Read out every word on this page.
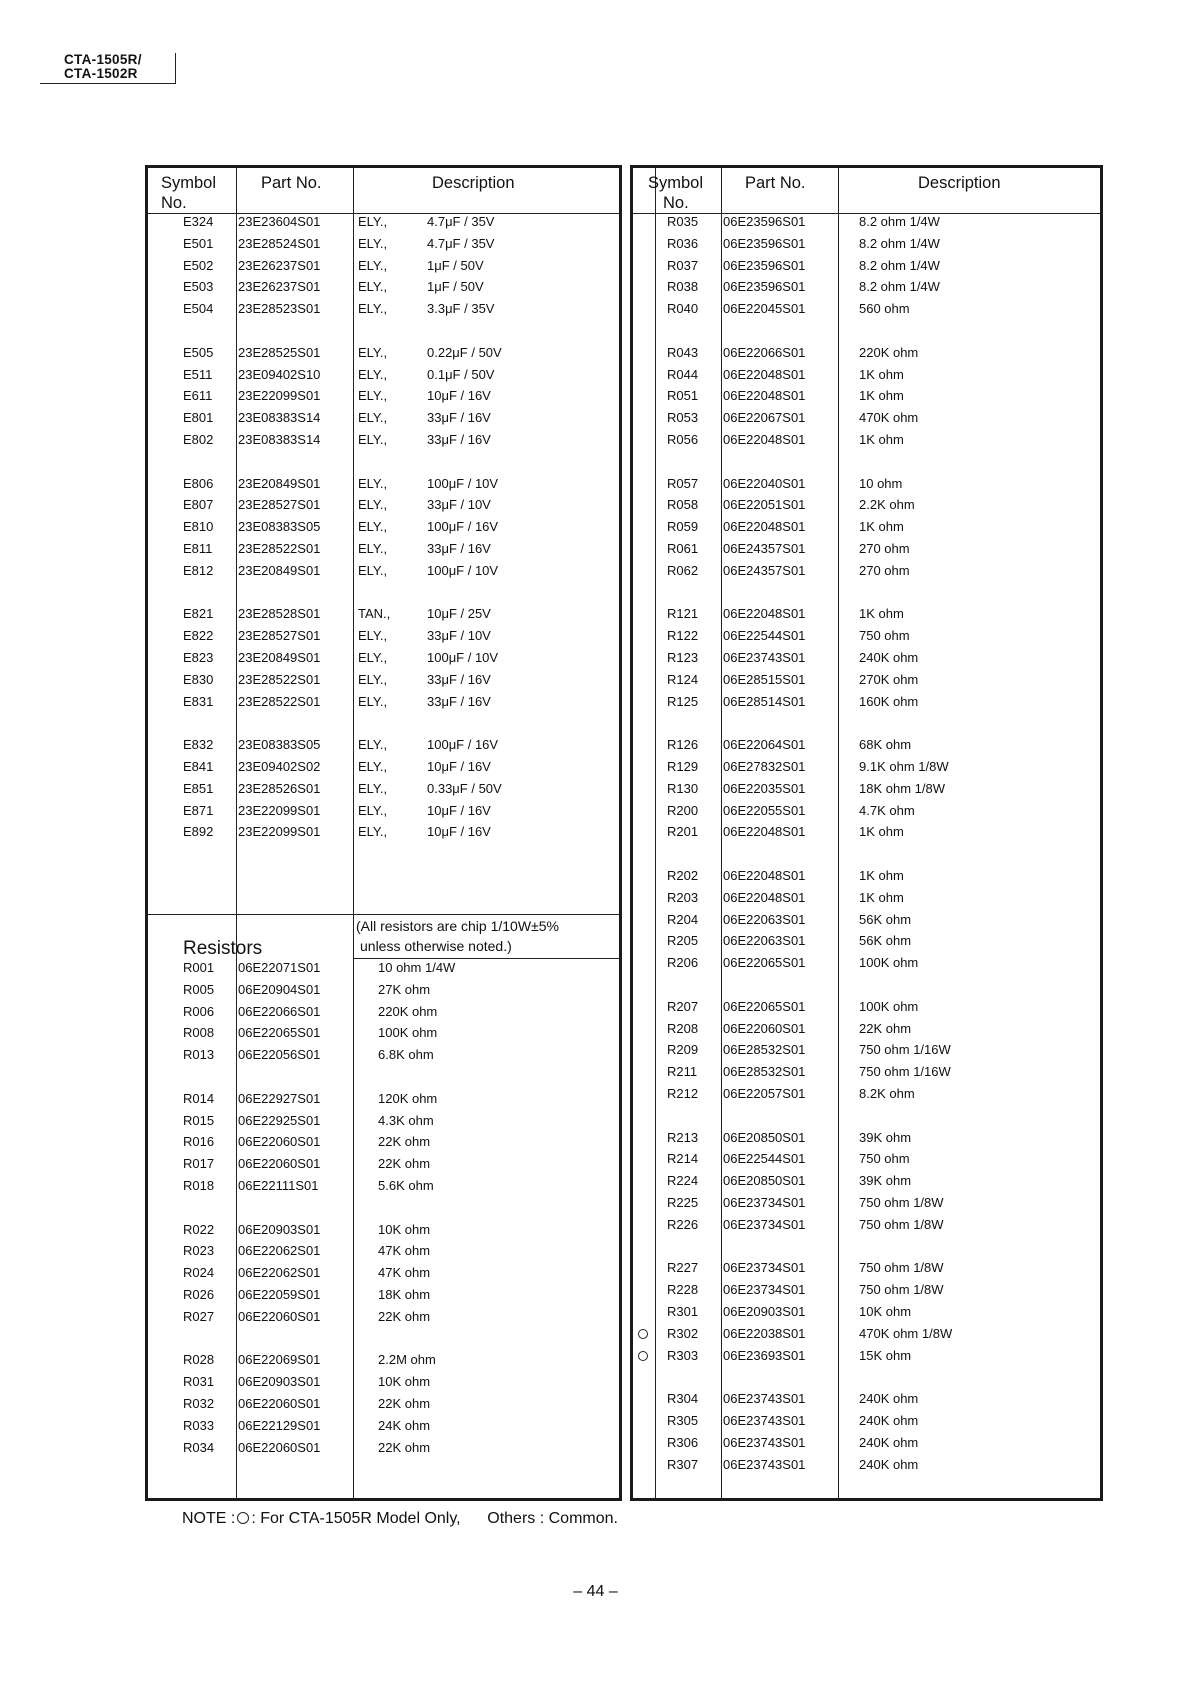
CTA-1505R/
CTA-1502R
Symbol
No.
Part No.	Description
Resistors
(All resistors are chip 1/10W±5%
unless otherwise noted.)
E324 23E23604S01	ELY.,	4.7μF / 35V
E501 23E28524S01	ELY.,	4.7μF / 35V
E502 23E26237S01	ELY.,	1μF / 50V
E503 23E26237S01	ELY.,	1μF / 50V
E504 23E28523S01	ELY.,	3.3μF / 35V
E505 23E28525S01	ELY.,	0.22μF / 50V
E511 23E09402S10	ELY.,	0.1μF / 50V
E611 23E22099S01	ELY.,	10μF / 16V
E801 23E08383S14	ELY.,	33μF / 16V
E802 23E08383S14	ELY.,	33μF / 16V
E806 23E20849S01	ELY.,	100μF / 10V
E807 23E28527S01	ELY.,	33μF / 10V
E810 23E08383S05	ELY.,	100μF / 16V
E811 23E28522S01	ELY.,	33μF / 16V
E812 23E20849S01	ELY.,	100μF / 10V
E821 23E28528S01	TAN.,	10μF / 25V
E822 23E28527S01	ELY.,	33μF / 10V
E823 23E20849S01	ELY.,	100μF / 10V
E830 23E28522S01	ELY.,	33μF / 16V
E831 23E28522S01	ELY.,	33μF / 16V
E832 23E08383S05	ELY.,	100μF / 16V
E841 23E09402S02	ELY.,	10μF / 16V
E851 23E28526S01	ELY.,	0.33μF / 50V
E871 23E22099S01	ELY.,	10μF / 16V
E892 23E22099S01	ELY.,	10μF / 16V
R001 06E22071S01	10 ohm 1/4W
R005 06E20904S01	27K ohm
R006 06E22066S01	220K ohm
R008 06E22065S01	100K ohm
R013 06E22056S01	6.8K ohm
R014 06E22927S01	120K ohm
R015 06E22925S01	4.3K ohm
R016 06E22060S01	22K ohm
R017 06E22060S01	22K ohm
R018 06E22111S01	5.6K ohm
R022 06E20903S01	10K ohm
R023 06E22062S01	47K ohm
R024 06E22062S01	47K ohm
R026 06E22059S01	18K ohm
R027 06E22060S01	22K ohm
R028 06E22069S01	2.2M ohm
R031 06E20903S01	10K ohm
R032 06E22060S01	22K ohm
R033 06E22129S01	24K ohm
R034 06E22060S01	22K ohm
Symbol
No.
Part No.	Description
R035 06E23596S01	8.2 ohm 1/4W
R036 06E23596S01	8.2 ohm 1/4W
R037 06E23596S01	8.2 ohm 1/4W
R038 06E23596S01	8.2 ohm 1/4W
R040 06E22045S01	560 ohm
R043 06E22066S01	220K ohm
R044 06E22048S01	1K ohm
R051 06E22048S01	1K ohm
R053 06E22067S01	470K ohm
R056 06E22048S01	1K ohm
R057 06E22040S01	10 ohm
R058 06E22051S01	2.2K ohm
R059 06E22048S01	1K ohm
R061 06E24357S01	270 ohm
R062 06E24357S01	270 ohm
R121 06E22048S01	1K ohm
R122 06E22544S01	750 ohm
R123 06E23743S01	240K ohm
R124 06E28515S01	270K ohm
R125 06E28514S01	160K ohm
R126 06E22064S01	68K ohm
R129 06E27832S01	9.1K ohm 1/8W
R130 06E22035S01	18K ohm 1/8W
R200 06E22055S01	4.7K ohm
R201 06E22048S01	1K ohm
R202 06E22048S01	1K ohm
R203 06E22048S01	1K ohm
R204 06E22063S01	56K ohm
R205 06E22063S01	56K ohm
R206 06E22065S01	100K ohm
R207 06E22065S01	100K ohm
R208 06E22060S01	22K ohm
R209 06E28532S01	750 ohm 1/16W
R211 06E28532S01	750 ohm 1/16W
R212 06E22057S01	8.2K ohm
R213 06E20850S01	39K ohm
R214 06E22544S01	750 ohm
R224 06E20850S01	39K ohm
R225 06E23734S01	750 ohm 1/8W
R226 06E23734S01	750 ohm 1/8W
R227 06E23734S01	750 ohm 1/8W
R228 06E23734S01	750 ohm 1/8W
R301 06E20903S01	10K ohm
R302 06E22038S01	470K ohm 1/8W
R303 06E23693S01	15K ohm
R304 06E23743S01	240K ohm
R305 06E23743S01	240K ohm
R306 06E23743S01	240K ohm
R307 06E23743S01	240K ohm
NOTE : : For CTA-1505R Model Only, Others : Common.
– 44 –
